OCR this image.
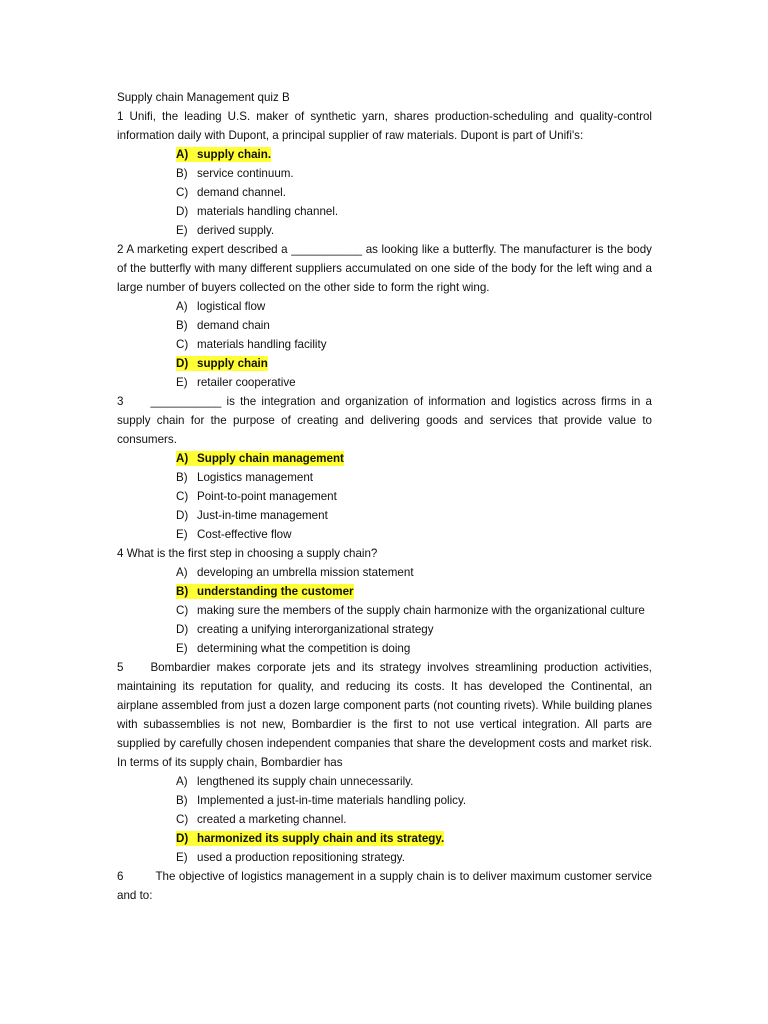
Supply chain Management quiz B
1 Unifi, the leading U.S. maker of synthetic yarn, shares production-scheduling and quality-control information daily with Dupont, a principal supplier of raw materials. Dupont is part of Unifi's:
A) supply chain.
B) service continuum.
C) demand channel.
D) materials handling channel.
E) derived supply.
2 A marketing expert described a ___________ as looking like a butterfly. The manufacturer is the body of the butterfly with many different suppliers accumulated on one side of the body for the left wing and a large number of buyers collected on the other side to form the right wing.
A) logistical flow
B) demand chain
C) materials handling facility
D) supply chain
E) retailer cooperative
3 ___________ is the integration and organization of information and logistics across firms in a supply chain for the purpose of creating and delivering goods and services that provide value to consumers.
A) Supply chain management
B) Logistics management
C) Point-to-point management
D) Just-in-time management
E) Cost-effective flow
4 What is the first step in choosing a supply chain?
A) developing an umbrella mission statement
B) understanding the customer
C) making sure the members of the supply chain harmonize with the organizational culture
D) creating a unifying interorganizational strategy
E) determining what the competition is doing
5 Bombardier makes corporate jets and its strategy involves streamlining production activities, maintaining its reputation for quality, and reducing its costs. It has developed the Continental, an airplane assembled from just a dozen large component parts (not counting rivets). While building planes with subassemblies is not new, Bombardier is the first to not use vertical integration. All parts are supplied by carefully chosen independent companies that share the development costs and market risk. In terms of its supply chain, Bombardier has
A) lengthened its supply chain unnecessarily.
B) Implemented a just-in-time materials handling policy.
C) created a marketing channel.
D) harmonized its supply chain and its strategy.
E) used a production repositioning strategy.
6	The objective of logistics management in a supply chain is to deliver maximum customer service and to:
